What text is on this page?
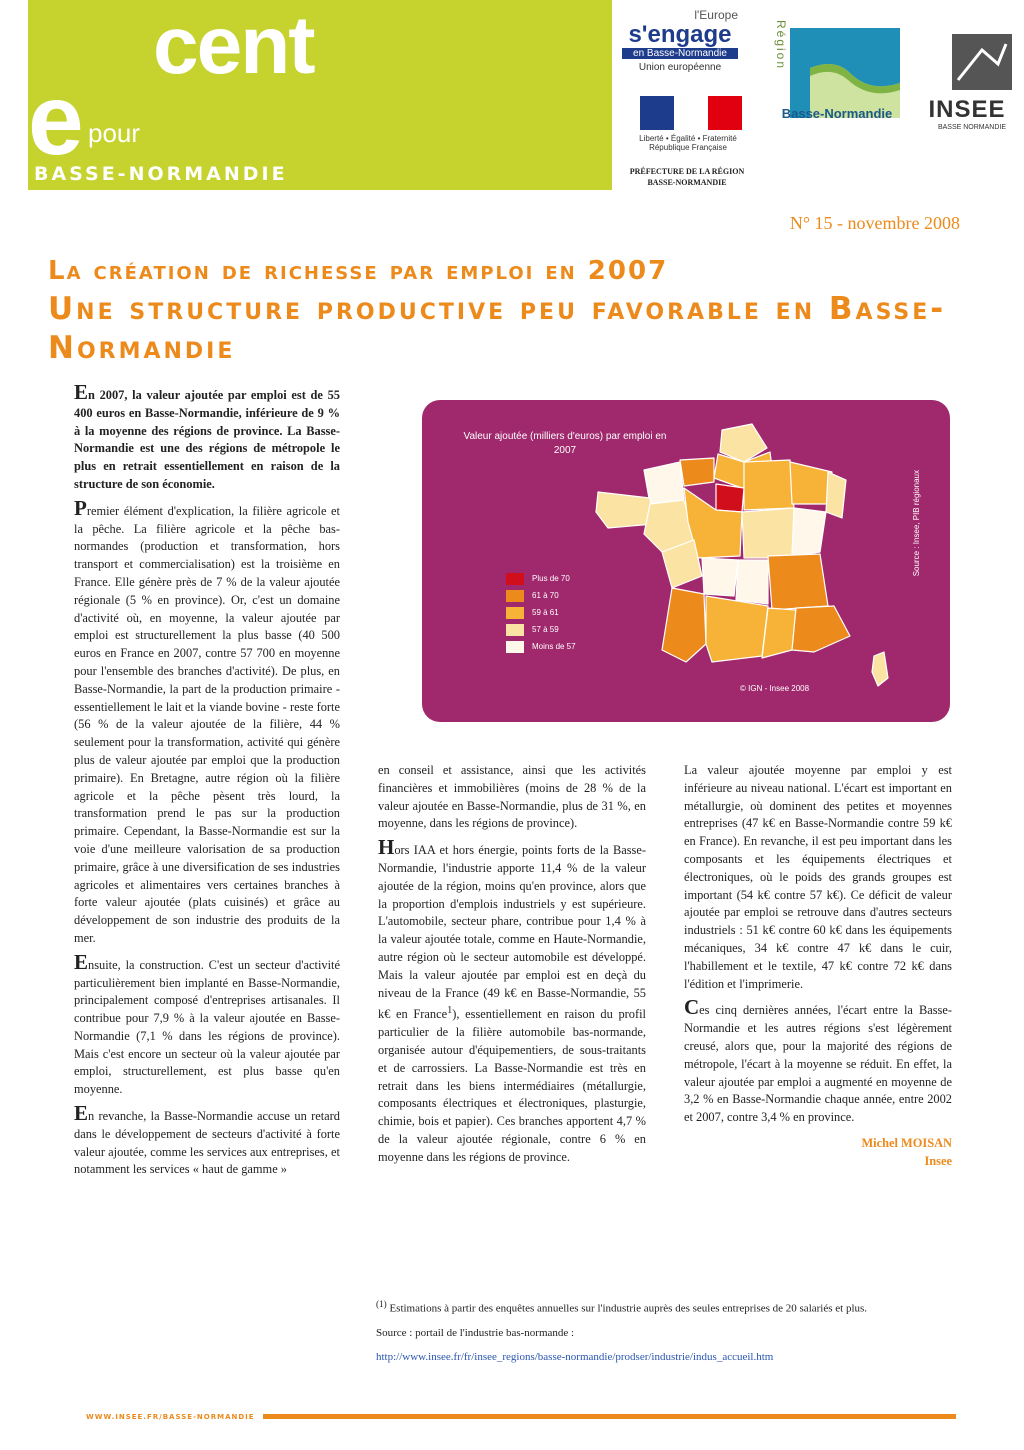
e pour
cent
BASSE-NORMANDIE
l'Europe
s'engage
en Basse-Normandie
Union européenne
Liberté • Égalité • Fraternité République Française
PRÉFECTURE DE LA RÉGION
BASSE-NORMANDIE
Région
Basse-Normandie	INSEE
BASSE NORMANDIE
N° 15 - novembre 2008
La création de richesse par emploi en 2007
Une structure productive peu favorable en Basse-Normandie

En 2007, la valeur ajoutée par emploi est de 55 400 euros en Basse-Normandie, inférieure de 9 % à la moyenne des régions de province. La Basse-Normandie est une des régions de métropole le plus en retrait essentiellement en raison de la structure de son économie.

Premier élément d'explication, la filière agricole et la pêche. La filière agricole et la pêche bas-normandes (production et transformation, hors transport et commercialisation) est la troisième en France. Elle génère près de 7 % de la valeur ajoutée régionale (5 % en province). Or, c'est un domaine d'activité où, en moyenne, la valeur ajoutée par emploi est structurellement la plus basse (40 500 euros en France en 2007, contre 57 700 en moyenne pour l'ensemble des branches d'activité). De plus, en Basse-Normandie, la part de la production primaire - essentiellement le lait et la viande bovine - reste forte (56 % de la valeur ajoutée de la filière, 44 % seulement pour la transformation, activité qui génère plus de valeur ajoutée par emploi que la production primaire). En Bretagne, autre région où la filière agricole et la pêche pèsent très lourd, la transformation prend le pas sur la production primaire. Cependant, la Basse-Normandie est sur la voie d'une meilleure valorisation de sa production primaire, grâce à une diversification de ses industries agricoles et alimentaires vers certaines branches à forte valeur ajoutée (plats cuisinés) et grâce au développement de son industrie des produits de la mer.

Ensuite, la construction. C'est un secteur d'activité particulièrement bien implanté en Basse-Normandie, principalement composé d'entreprises artisanales. Il contribue pour 7,9 % à la valeur ajoutée en Basse-Normandie (7,1 % dans les régions de province). Mais c'est encore un secteur où la valeur ajoutée par emploi, structurellement, est plus basse qu'en moyenne.

En revanche, la Basse-Normandie accuse un retard dans le développement de secteurs d'activité à forte valeur ajoutée, comme les services aux entreprises, et notamment les services « haut de gamme »

Valeur ajoutée (milliers d'euros) par emploi en 2007
Plus de 70
61 à 70
59 à 61
57 à 59
Moins de 57
© IGN - Insee 2008
Source : Insee, PIB régionaux

en conseil et assistance, ainsi que les activités financières et immobilières (moins de 28 % de la valeur ajoutée en Basse-Normandie, plus de 31 %, en moyenne, dans les régions de province).

Hors IAA et hors énergie, points forts de la Basse-Normandie, l'industrie apporte 11,4 % de la valeur ajoutée de la région, moins qu'en province, alors que la proportion d'emplois industriels y est supérieure. L'automobile, secteur phare, contribue pour 1,4 % à la valeur ajoutée totale, comme en Haute-Normandie, autre région où le secteur automobile est développé. Mais la valeur ajoutée par emploi est en deçà du niveau de la France (49 k€ en Basse-Normandie, 55 k€ en France$^1$), essentiellement en raison du profil particulier de la filière automobile bas-normande, organisée autour d'équipementiers, de sous-traitants et de carrossiers. La Basse-Normandie est très en retrait dans les biens intermédiaires (métallurgie, composants électriques et électroniques, plasturgie, chimie, bois et papier). Ces branches apportent 4,7 % de la valeur ajoutée régionale, contre 6 % en moyenne dans les régions de province.

La valeur ajoutée moyenne par emploi y est inférieure au niveau national. L'écart est important en métallurgie, où dominent des petites et moyennes entreprises (47 k€ en Basse-Normandie contre 59 k€ en France). En revanche, il est peu important dans les composants et les équipements électriques et électroniques, où le poids des grands groupes est important (54 k€ contre 57 k€). Ce déficit de valeur ajoutée par emploi se retrouve dans d'autres secteurs industriels : 51 k€ contre 60 k€ dans les équipements mécaniques, 34 k€ contre 47 k€ dans le cuir, l'habillement et le textile, 47 k€ contre 72 k€ dans l'édition et l'imprimerie.

Ces cinq dernières années, l'écart entre la Basse-Normandie et les autres régions s'est légèrement creusé, alors que, pour la majorité des régions de métropole, l'écart à la moyenne se réduit. En effet, la valeur ajoutée par emploi a augmenté en moyenne de 3,2 % en Basse-Normandie chaque année, entre 2002 et 2007, contre 3,4 % en province.

Michel MOISAN
Insee

$^{(1)}$ Estimations à partir des enquêtes annuelles sur l'industrie auprès des seules entreprises de 20 salariés et plus.

Source : portail de l'industrie bas-normande :

http://www.insee.fr/fr/insee_regions/basse-normandie/prodser/industrie/indus_accueil.htm

WWW.INSEE.FR/BASSE-NORMANDIE
